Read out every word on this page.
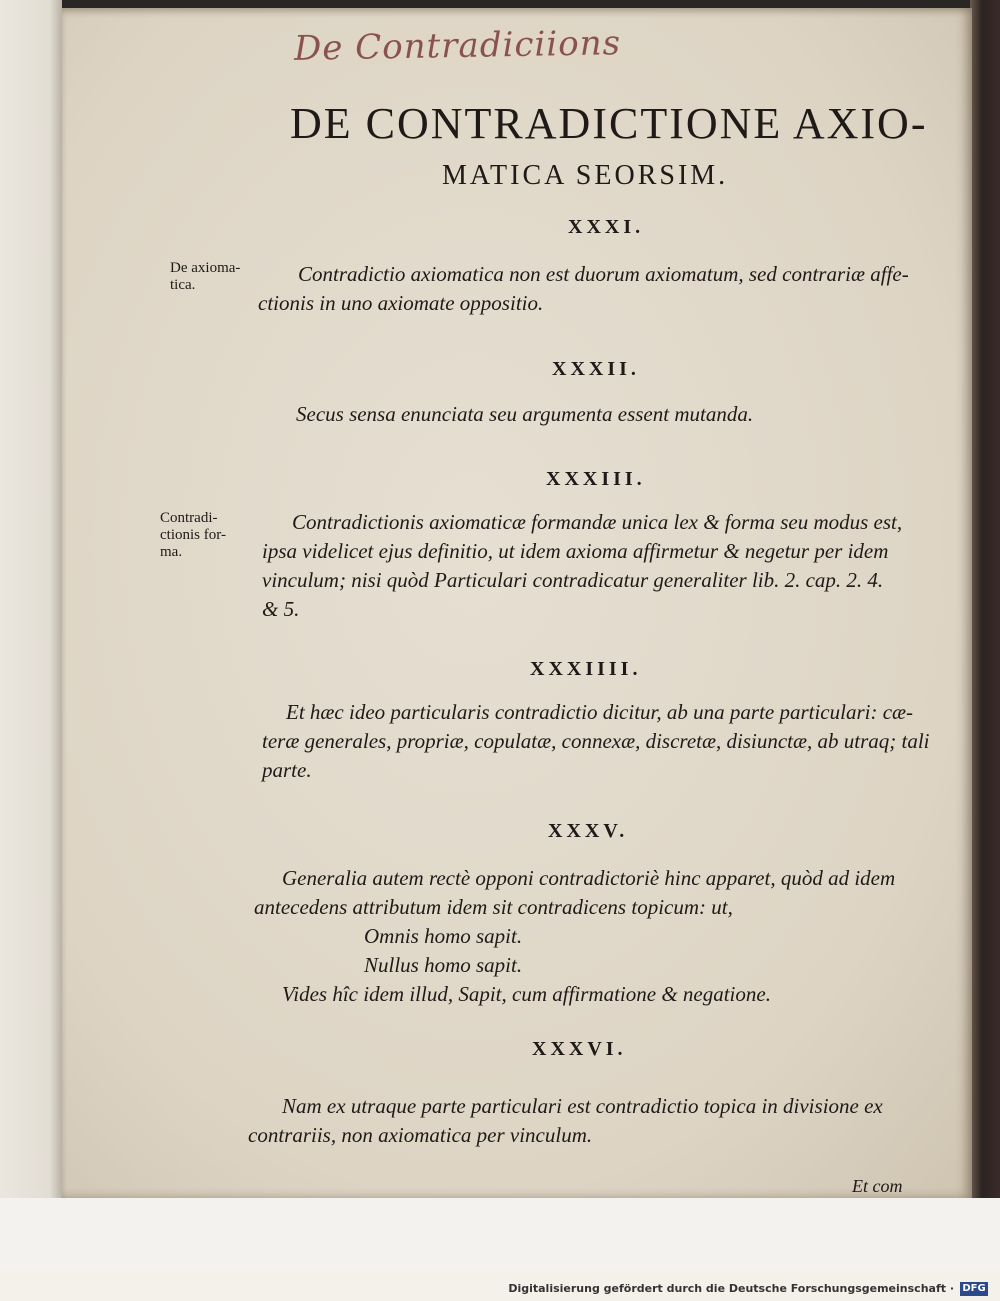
De Contradiciions
DE CONTRADICTIONE AXIO-
MATICA SEORSIM.
XXXI.
De axioma-
tica.	Contradictio axiomatica non est duorum axiomatum, sed contrariæ affe-
ctionis in uno axiomate oppositio.
XXXII.
Secus sensa enunciata seu argumenta essent mutanda.
XXXIII.
Contradi-
ctionis for-
ma.
Contradictionis axiomaticæ formandæ unica lex & forma seu modus est,
ipsa videlicet ejus definitio, ut idem axioma affirmetur & negetur per idem
vinculum; nisi quòd Particulari contradicatur generaliter lib. 2. cap. 2. 4.
& 5.
XXXIIII.
Et hæc ideo particularis contradictio dicitur, ab una parte particulari: cæ-
teræ generales, propriæ, copulatæ, connexæ, discretæ, disiunctæ, ab utraq; tali
parte.
XXXV.
Generalia autem rectè opponi contradictoriè hinc apparet, quòd ad idem
antecedens attributum idem sit contradicens topicum: ut,
Omnis homo sapit.
Nullus homo sapit.
Vides hîc idem illud, Sapit, cum affirmatione & negatione.
XXXVI.
Nam ex utraque parte particulari est contradictio topica in divisione ex
contrariis, non axiomatica per vinculum.
Et com
Digitalisierung gefördert durch die Deutsche Forschungsgemeinschaft · DFG
